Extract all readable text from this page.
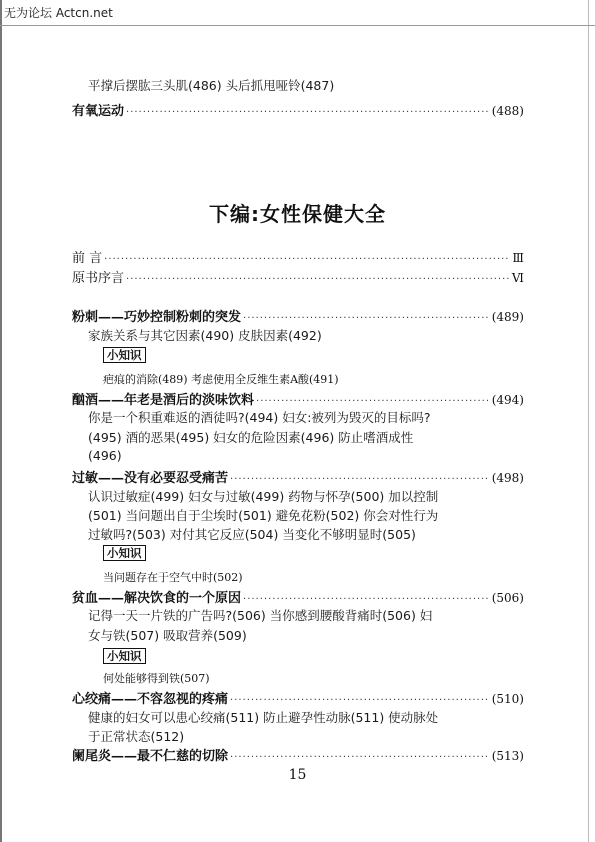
无为论坛 Actcn.net
平撑后摆肱三头肌(486) 头后抓甩哑铃(487)
有氧运动 ·····	(488)
下编:女性保健大全
前 言 ·····	Ⅲ
原书序言 ·····	Ⅵ
粉刺——巧妙控制粉刺的突发 ·····	(489)
家族关系与其它因素(490) 皮肤因素(492)
小知识
疤痕的消除(489) 考虑使用全反维生素A酸(491)
酗酒——年老是酒后的淡味饮料 ·····	(494)
你是一个积重难返的酒徒吗?(494) 妇女:被列为毁灭的目标吗?
(495) 酒的恶果(495) 妇女的危险因素(496) 防止嗜酒成性
(496)
过敏——没有必要忍受痛苦 ·····	(498)
认识过敏症(499) 妇女与过敏(499) 药物与怀孕(500) 加以控制
(501) 当问题出自于尘埃时(501) 避免花粉(502) 你会对性行为
过敏吗?(503) 对付其它反应(504) 当变化不够明显时(505)
小知识
当问题存在于空气中时(502)
贫血——解决饮食的一个原因 ·····	(506)
记得一天一片铁的广告吗?(506) 当你感到腰酸背痛时(506) 妇
女与铁(507) 吸取营养(509)
小知识
何处能够得到铁(507)
心绞痛——不容忽视的疼痛 ·····	(510)
健康的妇女可以患心绞痛(511) 防止避孕性动脉(511) 使动脉处
于正常状态(512)
阑尾炎——最不仁慈的切除 ·····	(513)
15
